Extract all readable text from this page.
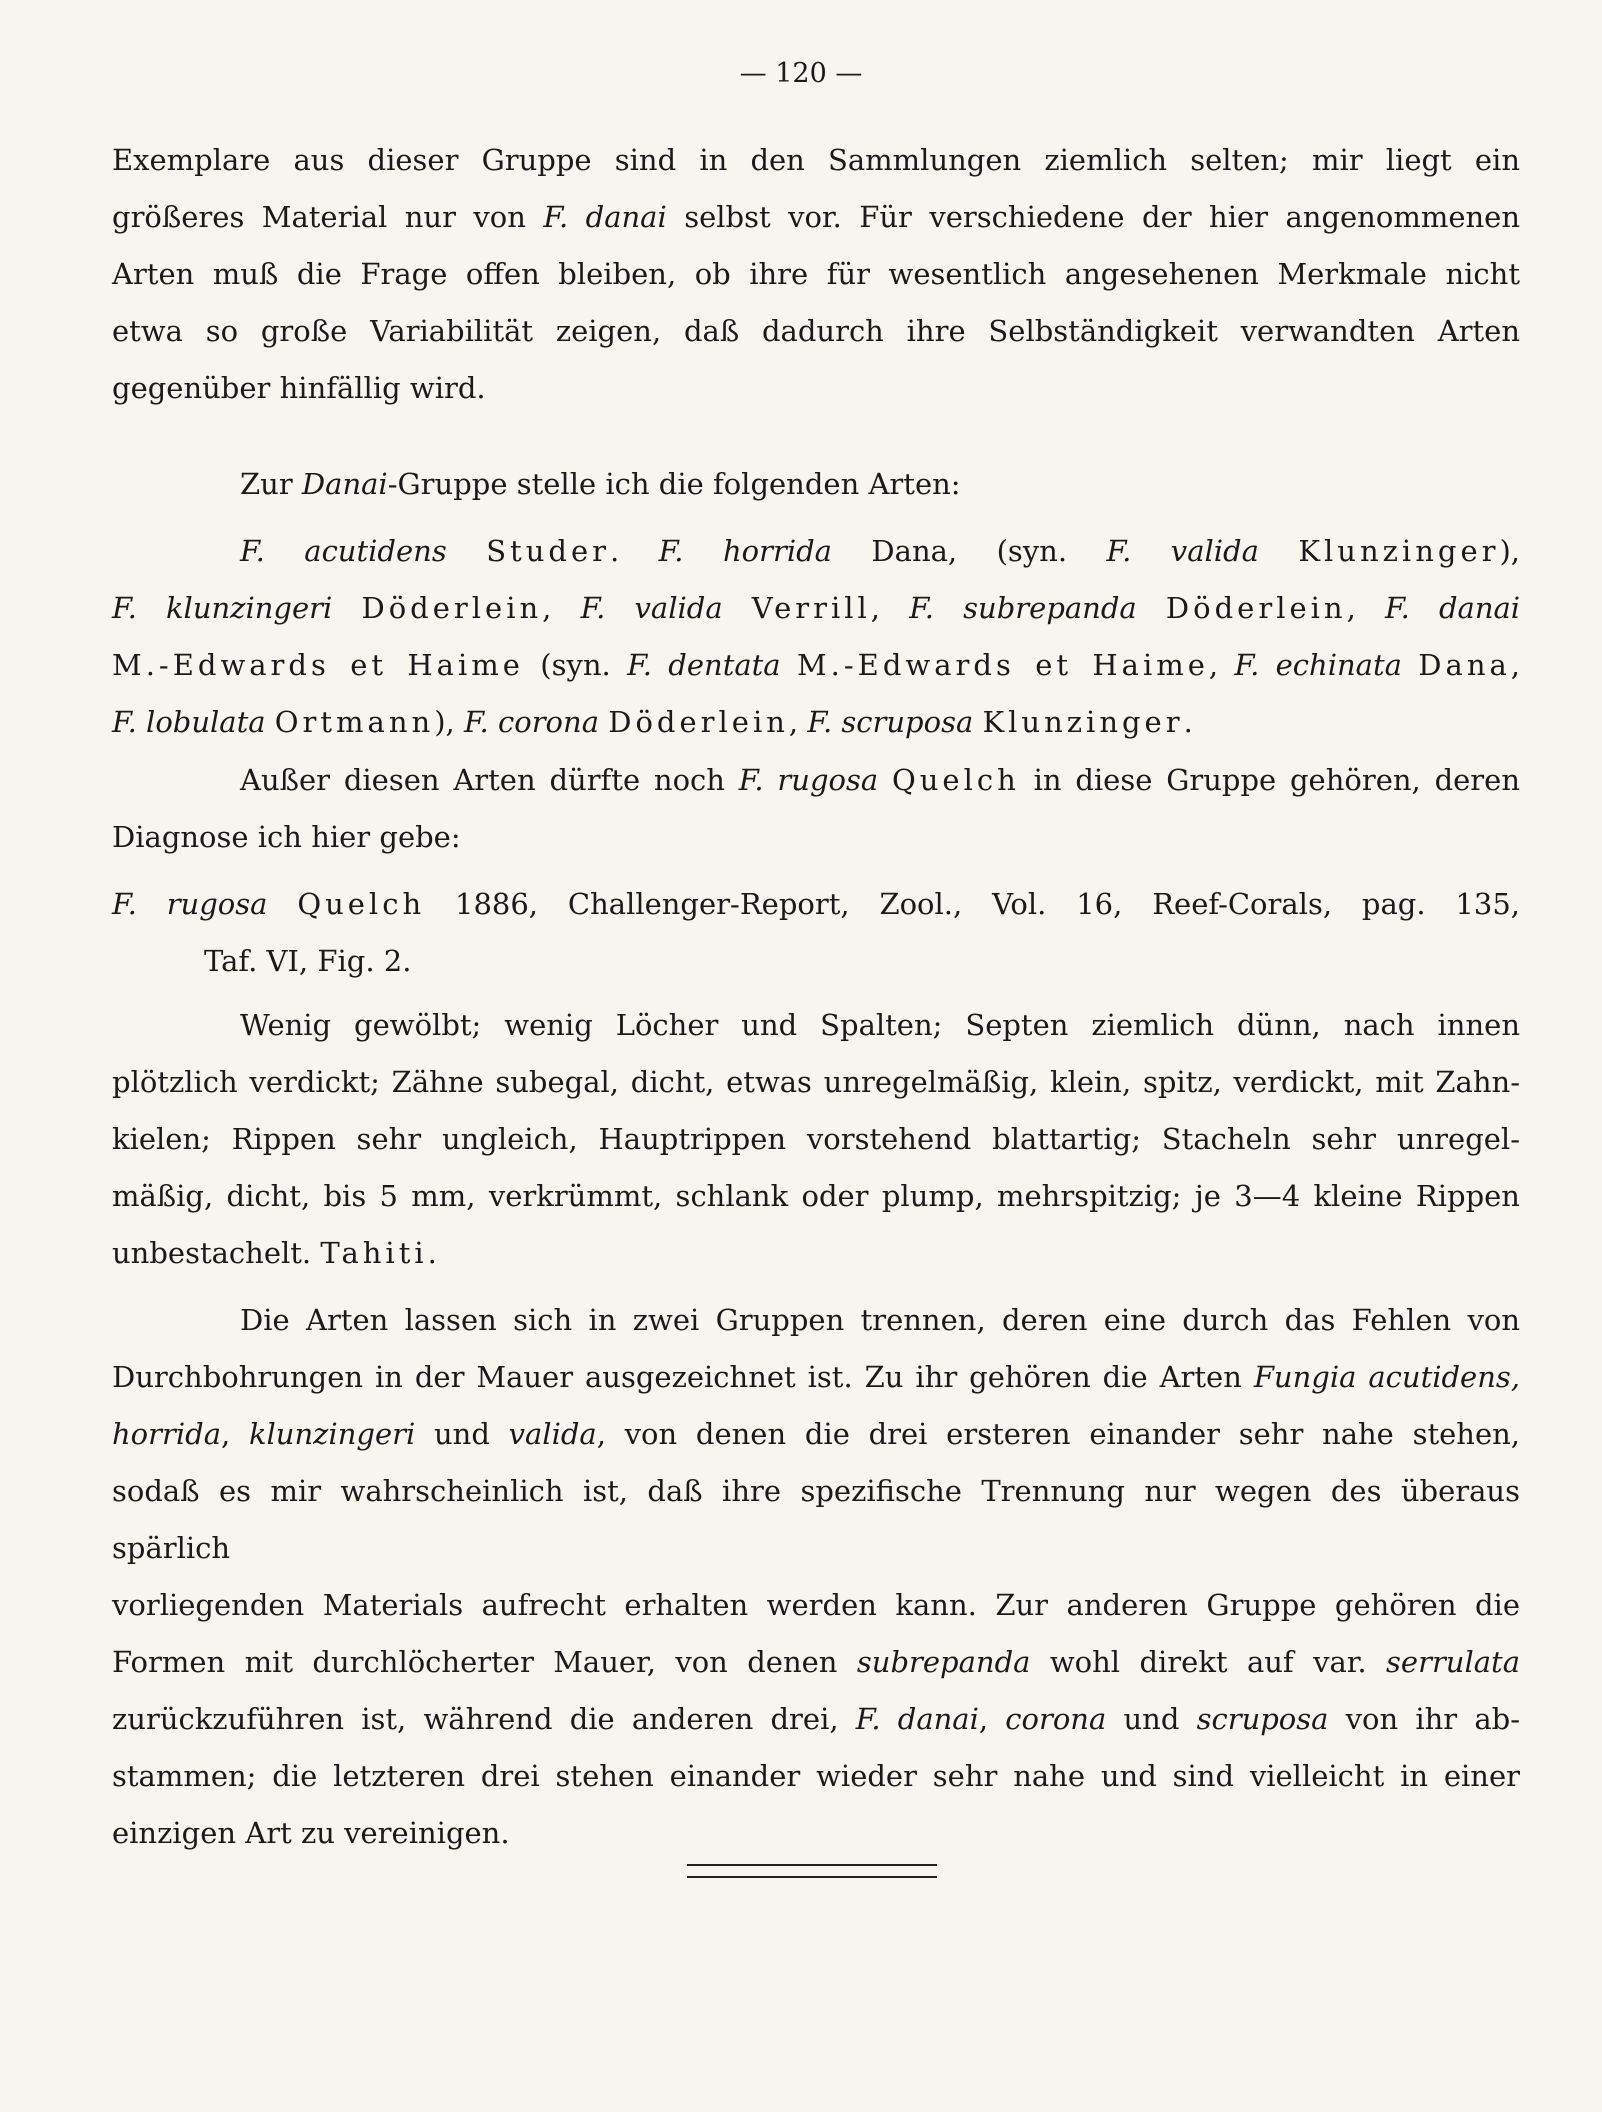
— 120 —
Exemplare aus dieser Gruppe sind in den Sammlungen ziemlich selten; mir liegt ein
größeres Material nur von F. danai selbst vor. Für verschiedene der hier angenommenen
Arten muß die Frage offen bleiben, ob ihre für wesentlich angesehenen Merkmale nicht
etwa so große Variabilität zeigen, daß dadurch ihre Selbständigkeit verwandten Arten
gegenüber hinfällig wird.
Zur Danai-Gruppe stelle ich die folgenden Arten:
F. acutidens Studer. F. horrida Dana, (syn. F. valida Klunzinger),
F. klunzingeri Döderlein, F. valida Verrill, F. subrepanda Döderlein, F. danai
M.-Edwards et Haime (syn. F. dentata M.-Edwards et Haime, F. echinata Dana,
F. lobulata Ortmann), F. corona Döderlein, F. scruposa Klunzinger.
Außer diesen Arten dürfte noch F. rugosa Quelch in diese Gruppe gehören, deren
Diagnose ich hier gebe:
F. rugosa Quelch 1886, Challenger-Report, Zool., Vol. 16, Reef-Corals, pag. 135,
Taf. VI, Fig. 2.
Wenig gewölbt; wenig Löcher und Spalten; Septen ziemlich dünn, nach innen
plötzlich verdickt; Zähne subegal, dicht, etwas unregelmäßig, klein, spitz, verdickt, mit Zahn-
kielen; Rippen sehr ungleich, Hauptrippen vorstehend blattartig; Stacheln sehr unregel-
mäßig, dicht, bis 5 mm, verkrümmt, schlank oder plump, mehrspitzig; je 3—4 kleine Rippen
unbestachelt. Tahiti.
Die Arten lassen sich in zwei Gruppen trennen, deren eine durch das Fehlen von
Durchbohrungen in der Mauer ausgezeichnet ist. Zu ihr gehören die Arten Fungia acutidens,
horrida, klunzingeri und valida, von denen die drei ersteren einander sehr nahe stehen,
sodaß es mir wahrscheinlich ist, daß ihre spezifische Trennung nur wegen des überaus spärlich
vorliegenden Materials aufrecht erhalten werden kann. Zur anderen Gruppe gehören die
Formen mit durchlöcherter Mauer, von denen subrepanda wohl direkt auf var. serrulata
zurückzuführen ist, während die anderen drei, F. danai, corona und scruposa von ihr ab-
stammen; die letzteren drei stehen einander wieder sehr nahe und sind vielleicht in einer
einzigen Art zu vereinigen.
